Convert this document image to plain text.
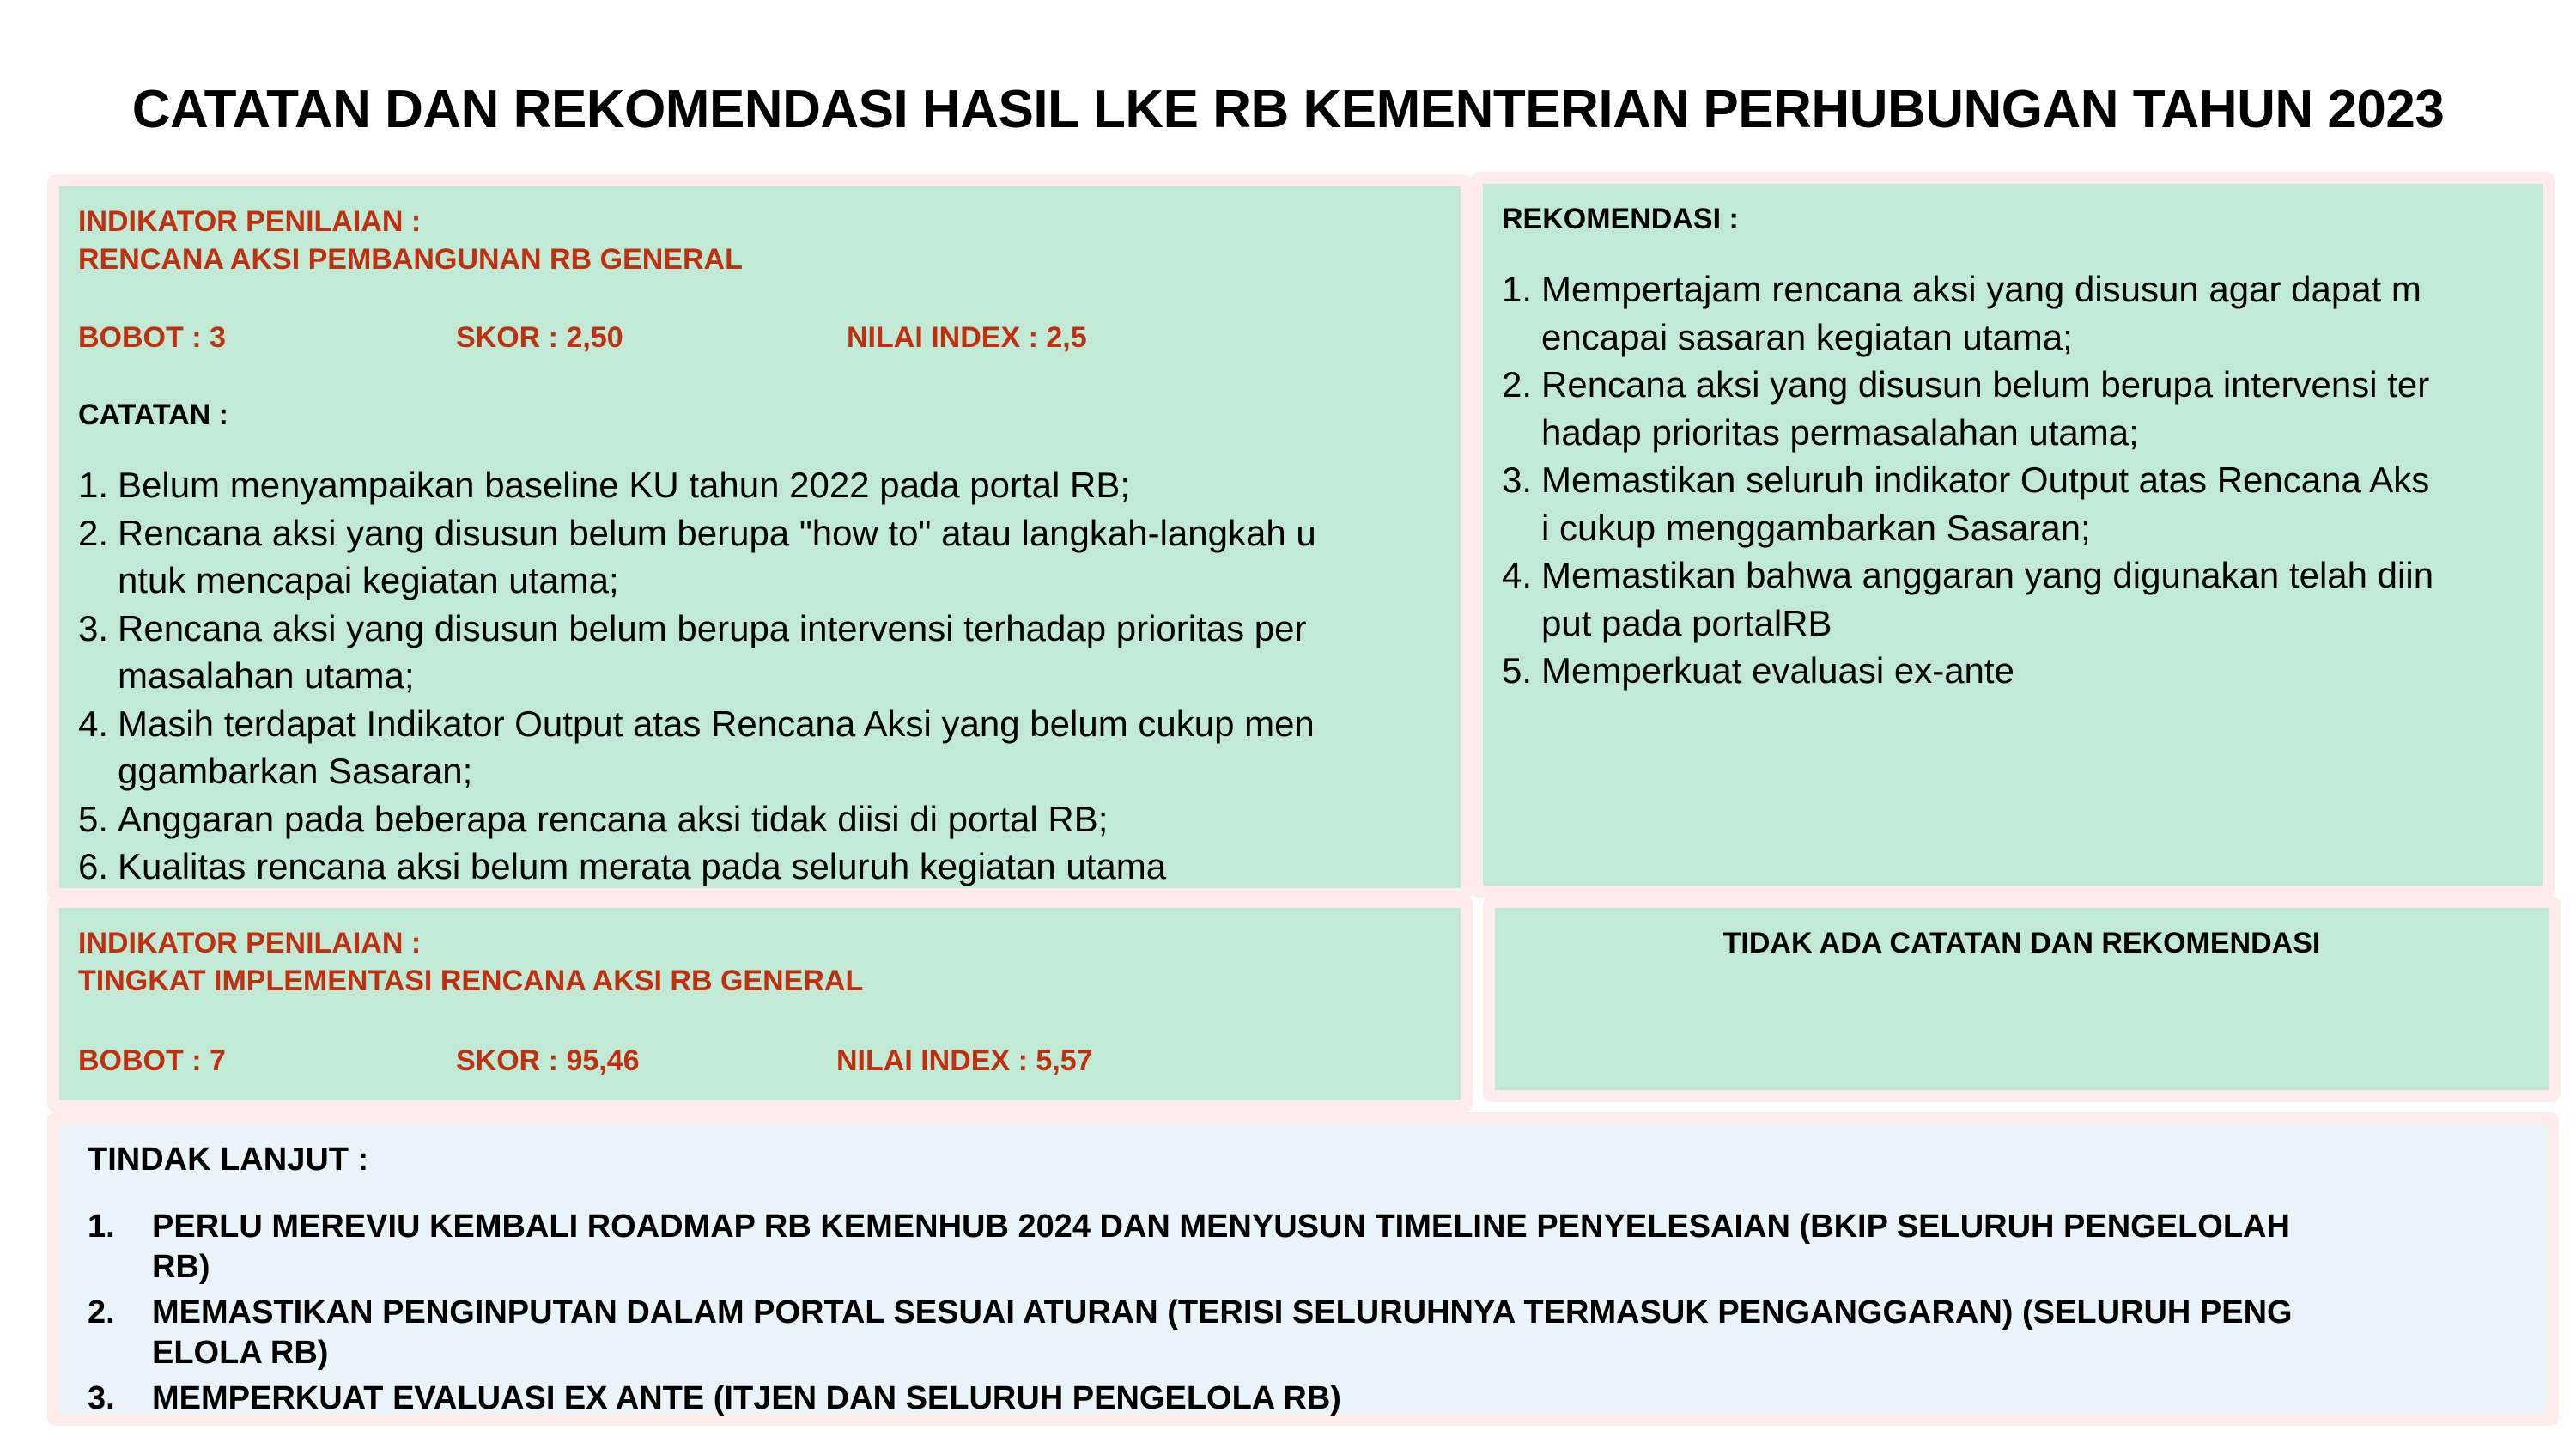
CATATAN DAN REKOMENDASI HASIL LKE RB KEMENTERIAN PERHUBUNGAN TAHUN 2023
INDIKATOR PENILAIAN :
RENCANA AKSI PEMBANGUNAN RB GENERAL
BOBOT : 3	SKOR : 2,50	NILAI INDEX : 2,5
CATATAN :
1. Belum menyampaikan baseline KU tahun 2022 pada portal RB;
2. Rencana aksi yang disusun belum berupa "how to" atau langkah-langkah u
ntuk mencapai kegiatan utama;
3. Rencana aksi yang disusun belum berupa intervensi terhadap prioritas per
masalahan utama;
4. Masih terdapat Indikator Output atas Rencana Aksi yang belum cukup men
ggambarkan Sasaran;
5. Anggaran pada beberapa rencana aksi tidak diisi di portal RB;
6. Kualitas rencana aksi belum merata pada seluruh kegiatan utama
REKOMENDASI :
1. Mempertajam rencana aksi yang disusun agar dapat m
encapai sasaran kegiatan utama;
2. Rencana aksi yang disusun belum berupa intervensi ter
hadap prioritas permasalahan utama;
3. Memastikan seluruh indikator Output atas Rencana Aks
i cukup menggambarkan Sasaran;
4. Memastikan bahwa anggaran yang digunakan telah diin
put pada portalRB
5. Memperkuat evaluasi ex-ante
INDIKATOR PENILAIAN :
TINGKAT IMPLEMENTASI RENCANA AKSI RB GENERAL
BOBOT : 7	SKOR : 95,46	NILAI INDEX : 5,57
TIDAK ADA CATATAN DAN REKOMENDASI
TINDAK LANJUT :
1. PERLU MEREVIU KEMBALI ROADMAP RB KEMENHUB 2024 DAN MENYUSUN TIMELINE PENYELESAIAN (BKIP SELURUH PENGELOLAH
RB)
2. MEMASTIKAN PENGINPUTAN DALAM PORTAL SESUAI ATURAN (TERISI SELURUHNYA TERMASUK PENGANGGARAN) (SELURUH PENG
ELOLA RB)
3. MEMPERKUAT EVALUASI EX ANTE (ITJEN DAN SELURUH PENGELOLA RB)
